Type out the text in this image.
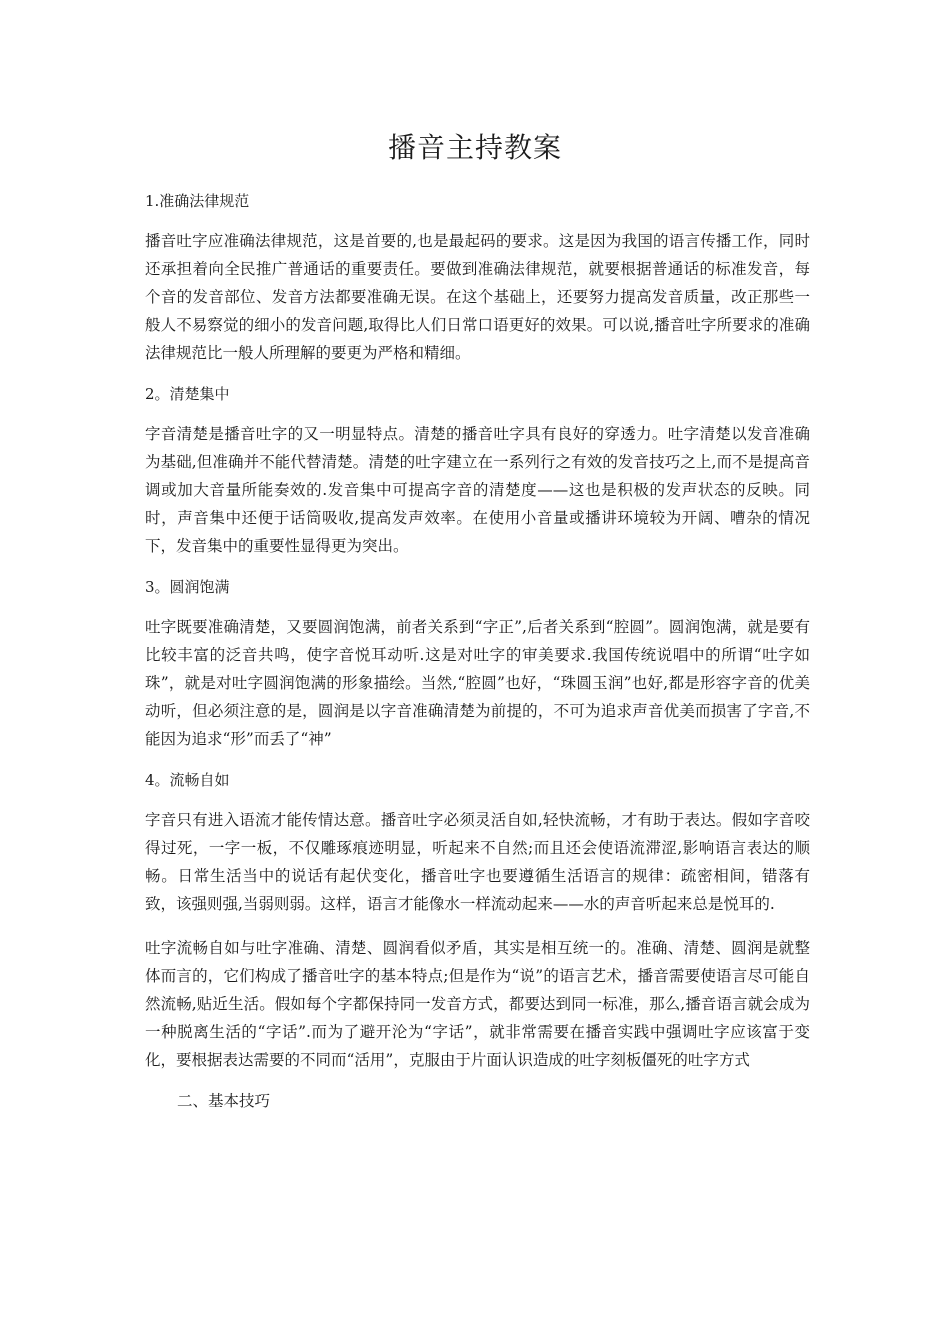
播音主持教案

1.准确法律规范

播音吐字应准确法律规范，这是首要的,也是最起码的要求。这是因为我国的语言传播工作，同时还承担着向全民推广普通话的重要责任。要做到准确法律规范，就要根据普通话的标准发音，每个音的发音部位、发音方法都要准确无误。在这个基础上，还要努力提高发音质量，改正那些一般人不易察觉的细小的发音问题,取得比人们日常口语更好的效果。可以说,播音吐字所要求的准确法律规范比一般人所理解的要更为严格和精细。

2。清楚集中

字音清楚是播音吐字的又一明显特点。清楚的播音吐字具有良好的穿透力。吐字清楚以发音准确为基础,但准确并不能代替清楚。清楚的吐字建立在一系列行之有效的发音技巧之上,而不是提高音调或加大音量所能奏效的.发音集中可提高字音的清楚度——这也是积极的发声状态的反映。同时，声音集中还便于话筒吸收,提高发声效率。在使用小音量或播讲环境较为开阔、嘈杂的情况下，发音集中的重要性显得更为突出。

3。圆润饱满

吐字既要准确清楚，又要圆润饱满，前者关系到“字正”,后者关系到“腔圆”。圆润饱满，就是要有比较丰富的泛音共鸣，使字音悦耳动听.这是对吐字的审美要求.我国传统说唱中的所谓“吐字如珠”，就是对吐字圆润饱满的形象描绘。当然,“腔圆”也好，“珠圆玉润”也好,都是形容字音的优美动听，但必须注意的是，圆润是以字音准确清楚为前提的，不可为追求声音优美而损害了字音,不能因为追求“形”而丢了“神”

4。流畅自如

字音只有进入语流才能传情达意。播音吐字必须灵活自如,轻快流畅，才有助于表达。假如字音咬得过死，一字一板，不仅雕琢痕迹明显，听起来不自然;而且还会使语流滞涩,影响语言表达的顺畅。日常生活当中的说话有起伏变化，播音吐字也要遵循生活语言的规律：疏密相间，错落有致，该强则强,当弱则弱。这样，语言才能像水一样流动起来——水的声音听起来总是悦耳的.

吐字流畅自如与吐字准确、清楚、圆润看似矛盾，其实是相互统一的。准确、清楚、圆润是就整体而言的，它们构成了播音吐字的基本特点;但是作为“说”的语言艺术，播音需要使语言尽可能自然流畅,贴近生活。假如每个字都保持同一发音方式，都要达到同一标准，那么,播音语言就会成为一种脱离生活的“字话”.而为了避开沦为“字话”，就非常需要在播音实践中强调吐字应该富于变化，要根据表达需要的不同而“活用”，克服由于片面认识造成的吐字刻板僵死的吐字方式

二、基本技巧
